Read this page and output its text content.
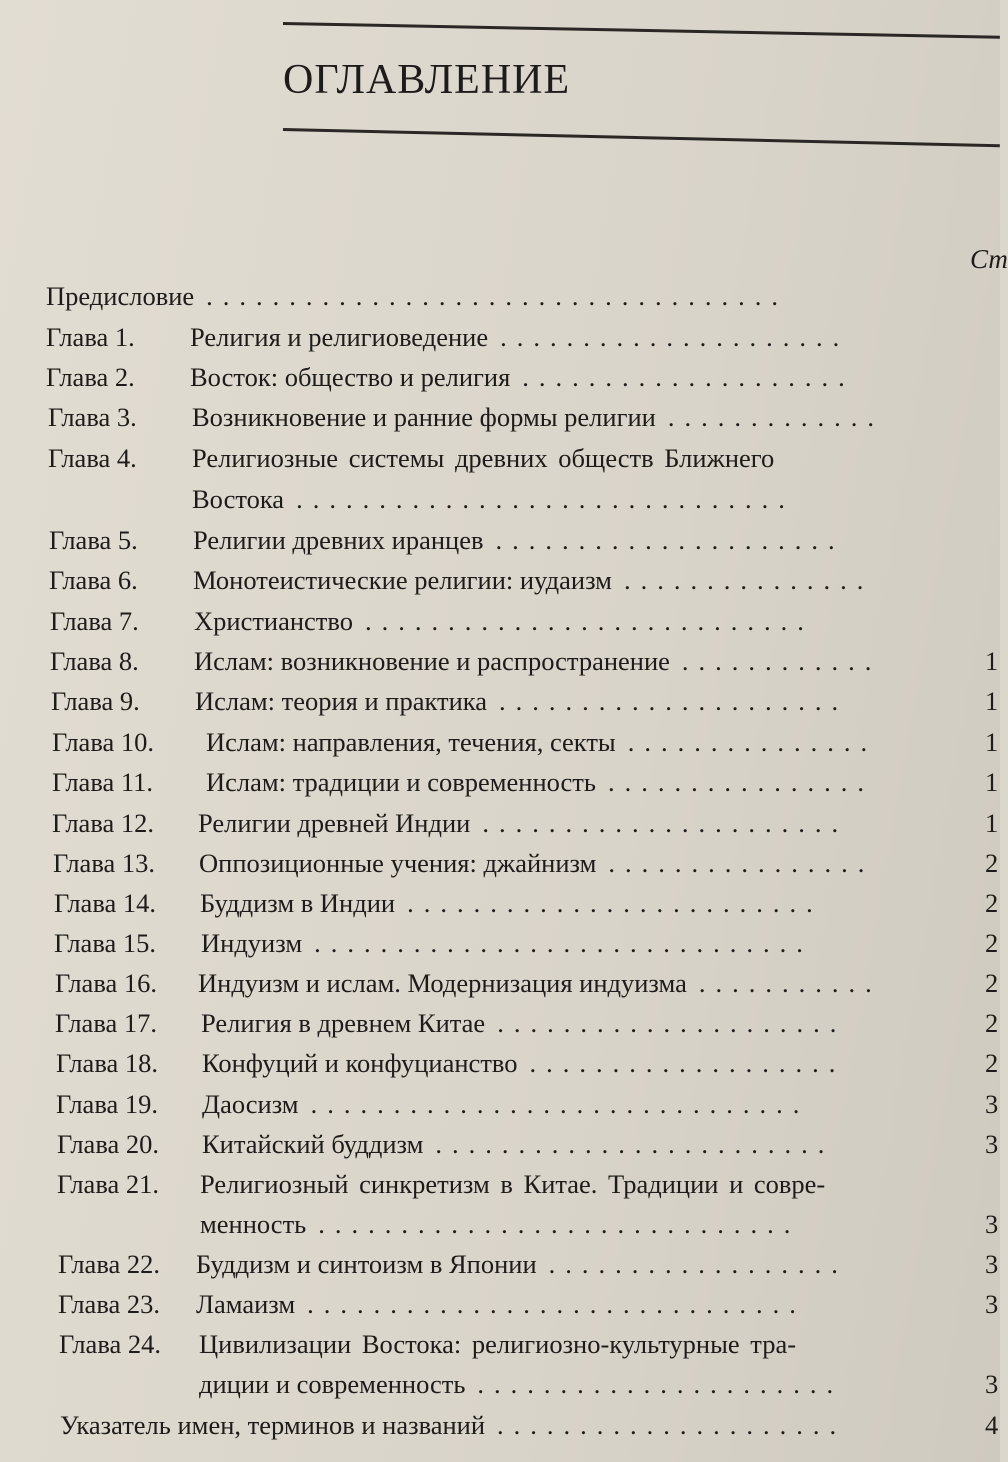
ОГЛАВЛЕНИЕ
Ст
Предисловие ...................................
Глава 1. Религия и религиоведение .....................
Глава 2. Восток: общество и религия ....................
Глава 3. Возникновение и ранние формы религии .............
Глава 4. Религиозные системы древних обществ Ближнего
Востока ..............................
Глава 5. Религии древних иранцев .....................
Глава 6. Монотеистические религии: иудаизм ...............
Глава 7. Христианство ...........................
Глава 8. Ислам: возникновение и распространение ............	1
Глава 9. Ислам: теория и практика .....................	1
Глава 10. Ислам: направления, течения, секты ...............	1
Глава 11. Ислам: традиции и современность ................	1
Глава 12. Религии древней Индии ......................	1
Глава 13. Оппозиционные учения: джайнизм ................	2
Глава 14. Буддизм в Индии .........................	2
Глава 15. Индуизм ..............................	2
Глава 16. Индуизм и ислам. Модернизация индуизма ...........	2
Глава 17. Религия в древнем Китае .....................	2
Глава 18. Конфуций и конфуцианство ...................	2
Глава 19. Даосизм ..............................	3
Глава 20. Китайский буддизм ........................	3
Глава 21. Религиозный синкретизм в Китае. Традиции и совре-
менность .............................	3
Глава 22. Буддизм и синтоизм в Японии ..................	3
Глава 23. Ламаизм ..............................	3
Глава 24. Цивилизации Востока: религиозно-культурные тра-
диции и современность ......................	3
Указатель имен, терминов и названий .....................	4
